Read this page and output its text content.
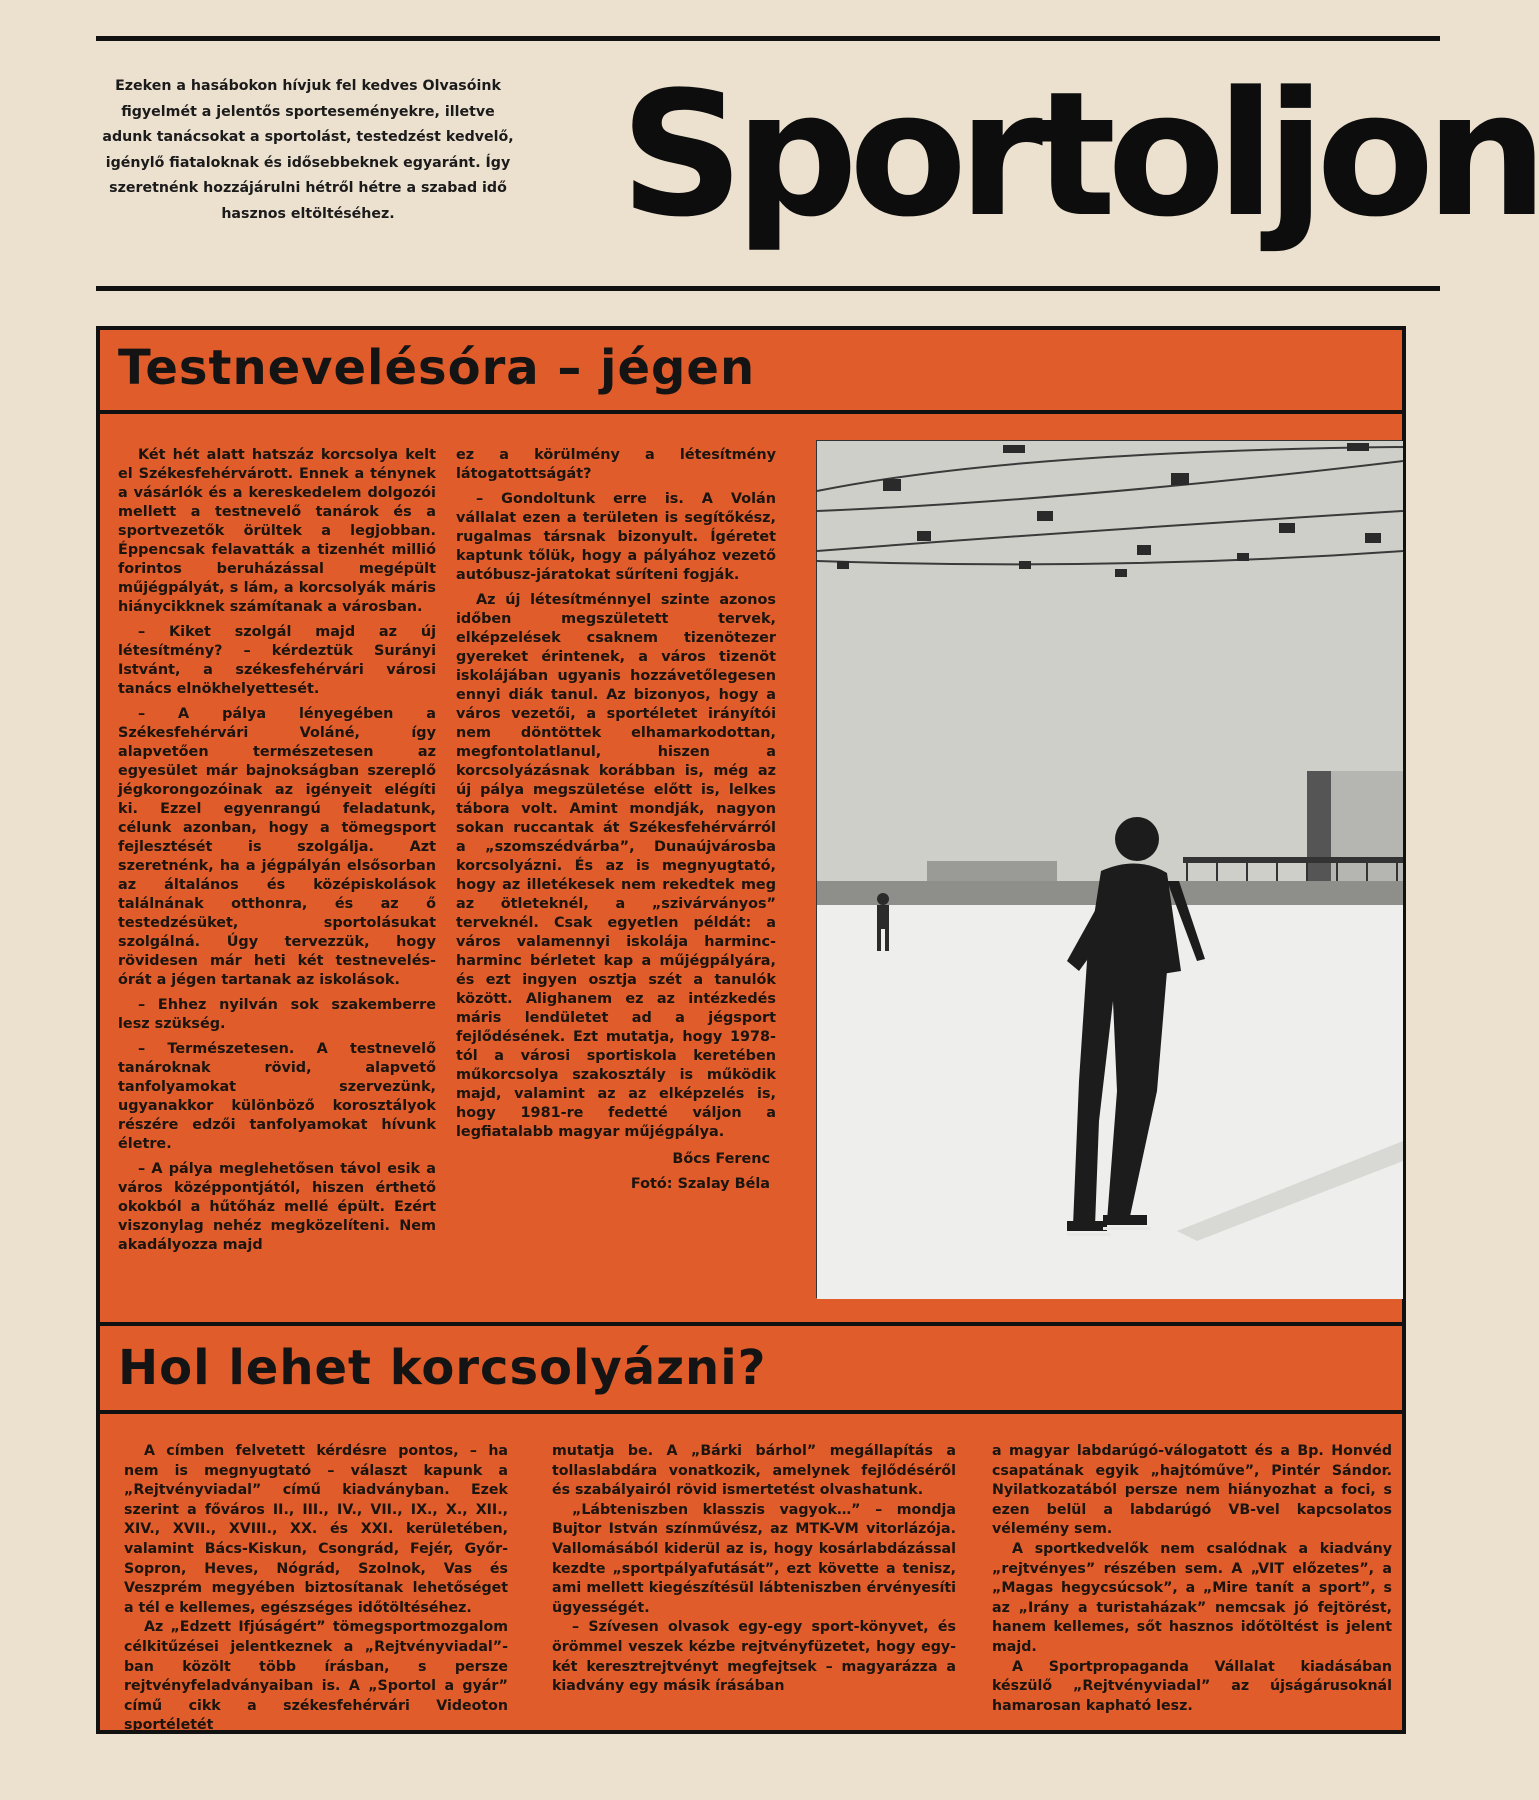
Ezeken a hasábokon hívjuk fel kedves Olvasóink figyelmét a jelentős sporteseményekre, illetve adunk tanácsokat a sportolást, testedzést kedvelő, igénylő fiataloknak és idősebbeknek egyaránt. Így szeretnénk hozzájárulni hétről hétre a szabad idő hasznos eltöltéséhez.	Sportoljon
Testnevelésóra – jégen

Két hét alatt hatszáz korcsolya kelt el Székesfehérvárott. Ennek a ténynek a vásárlók és a kereskedelem dolgozói mellett a testnevelő tanárok és a sportvezetők örültek a legjobban. Éppencsak felavatták a tizenhét millió forintos beruházással megépült műjégpályát, s lám, a korcsolyák máris hiánycikknek számítanak a városban.

– Kiket szolgál majd az új létesítmény? – kérdeztük Surányi Istvánt, a székesfehérvári városi tanács elnökhelyettesét.

– A pálya lényegében a Székesfehérvári Voláné, így alapvetően természetesen az egyesület már bajnokságban szereplő jégkorongozóinak az igényeit elégíti ki. Ezzel egyenrangú feladatunk, célunk azonban, hogy a tömegsport fejlesztését is szolgálja. Azt szeretnénk, ha a jégpályán elsősorban az általános és középiskolások találnának otthonra, és az ő testedzésüket, sportolásukat szolgálná. Úgy tervezzük, hogy rövidesen már heti két testnevelés-órát a jégen tartanak az iskolások.

– Ehhez nyilván sok szakemberre lesz szükség.

– Természetesen. A testnevelő tanároknak rövid, alapvető tanfolyamokat szervezünk, ugyanakkor különböző korosztályok részére edzői tanfolyamokat hívunk életre.

– A pálya meglehetősen távol esik a város középpontjától, hiszen érthető okokból a hűtőház mellé épült. Ezért viszonylag nehéz megközelíteni. Nem akadályozza majd

ez a körülmény a létesítmény látogatottságát?

– Gondoltunk erre is. A Volán vállalat ezen a területen is segítőkész, rugalmas társnak bizonyult. Ígéretet kaptunk tőlük, hogy a pályához vezető autóbusz-járatokat sűríteni fogják.

Az új létesítménnyel szinte azonos időben megszületett tervek, elképzelések csaknem tizenötezer gyereket érintenek, a város tizenöt iskolájában ugyanis hozzávetőlegesen ennyi diák tanul. Az bizonyos, hogy a város vezetői, a sportéletet irányítói nem döntöttek elhamarkodottan, megfontolatlanul, hiszen a korcsolyázásnak korábban is, még az új pálya megszületése előtt is, lelkes tábora volt. Amint mondják, nagyon sokan ruccantak át Székesfehérvárról a „szomszédvárba”, Dunaújvárosba korcsolyázni. És az is megnyugtató, hogy az illetékesek nem rekedtek meg az ötleteknél, a „szivárványos” terveknél. Csak egyetlen példát: a város valamennyi iskolája harminc-harminc bérletet kap a műjégpályára, és ezt ingyen osztja szét a tanulók között. Alighanem ez az intézkedés máris lendületet ad a jégsport fejlődésének. Ezt mutatja, hogy 1978-tól a városi sportiskola keretében műkorcsolya szakosztály is működik majd, valamint az az elképzelés is, hogy 1981-re fedetté váljon a legfiatalabb magyar műjégpálya.

Bőcs Ferenc
Fotó: Szalay Béla
Hol lehet korcsolyázni?

A címben felvetett kérdésre pontos, – ha nem is megnyugtató – választ kapunk a „Rejtvényviadal” című kiadványban. Ezek szerint a főváros II., III., IV., VII., IX., X., XII., XIV., XVII., XVIII., XX. és XXI. kerületében, valamint Bács-Kiskun, Csongrád, Fejér, Győr-Sopron, Heves, Nógrád, Szolnok, Vas és Veszprém megyében biztosítanak lehetőséget a tél e kellemes, egészséges időtöltéséhez.

Az „Edzett Ifjúságért” tömegsportmozgalom célkitűzései jelentkeznek a „Rejtvényviadal”-ban közölt több írásban, s persze rejtvényfeladványaiban is. A „Sportol a gyár” című cikk a székesfehérvári Videoton sportéletét

mutatja be. A „Bárki bárhol” megállapítás a tollaslabdára vonatkozik, amelynek fejlődéséről és szabályairól rövid ismertetést olvashatunk.

„Lábteniszben klasszis vagyok…” – mondja Bujtor István színművész, az MTK-VM vitorlázója. Vallomásából kiderül az is, hogy kosárlabdázással kezdte „sportpályafutását”, ezt követte a tenisz, ami mellett kiegészítésül lábteniszben érvényesíti ügyességét.

– Szívesen olvasok egy-egy sport-könyvet, és örömmel veszek kézbe rejtvényfüzetet, hogy egy-két keresztrejtvényt megfejtsek – magyarázza a kiadvány egy másik írásában

a magyar labdarúgó-válogatott és a Bp. Honvéd csapatának egyik „hajtóműve”, Pintér Sándor. Nyilatkozatából persze nem hiányozhat a foci, s ezen belül a labdarúgó VB-vel kapcsolatos vélemény sem.

A sportkedvelők nem csalódnak a kiadvány „rejtvényes” részében sem. A „VIT előzetes”, a „Magas hegycsúcsok”, a „Mire tanít a sport”, s az „Irány a turistaházak” nemcsak jó fejtörést, hanem kellemes, sőt hasznos időtöltést is jelent majd.

A Sportpropaganda Vállalat kiadásában készülő „Rejtvényviadal” az újságárusoknál hamarosan kapható lesz.
